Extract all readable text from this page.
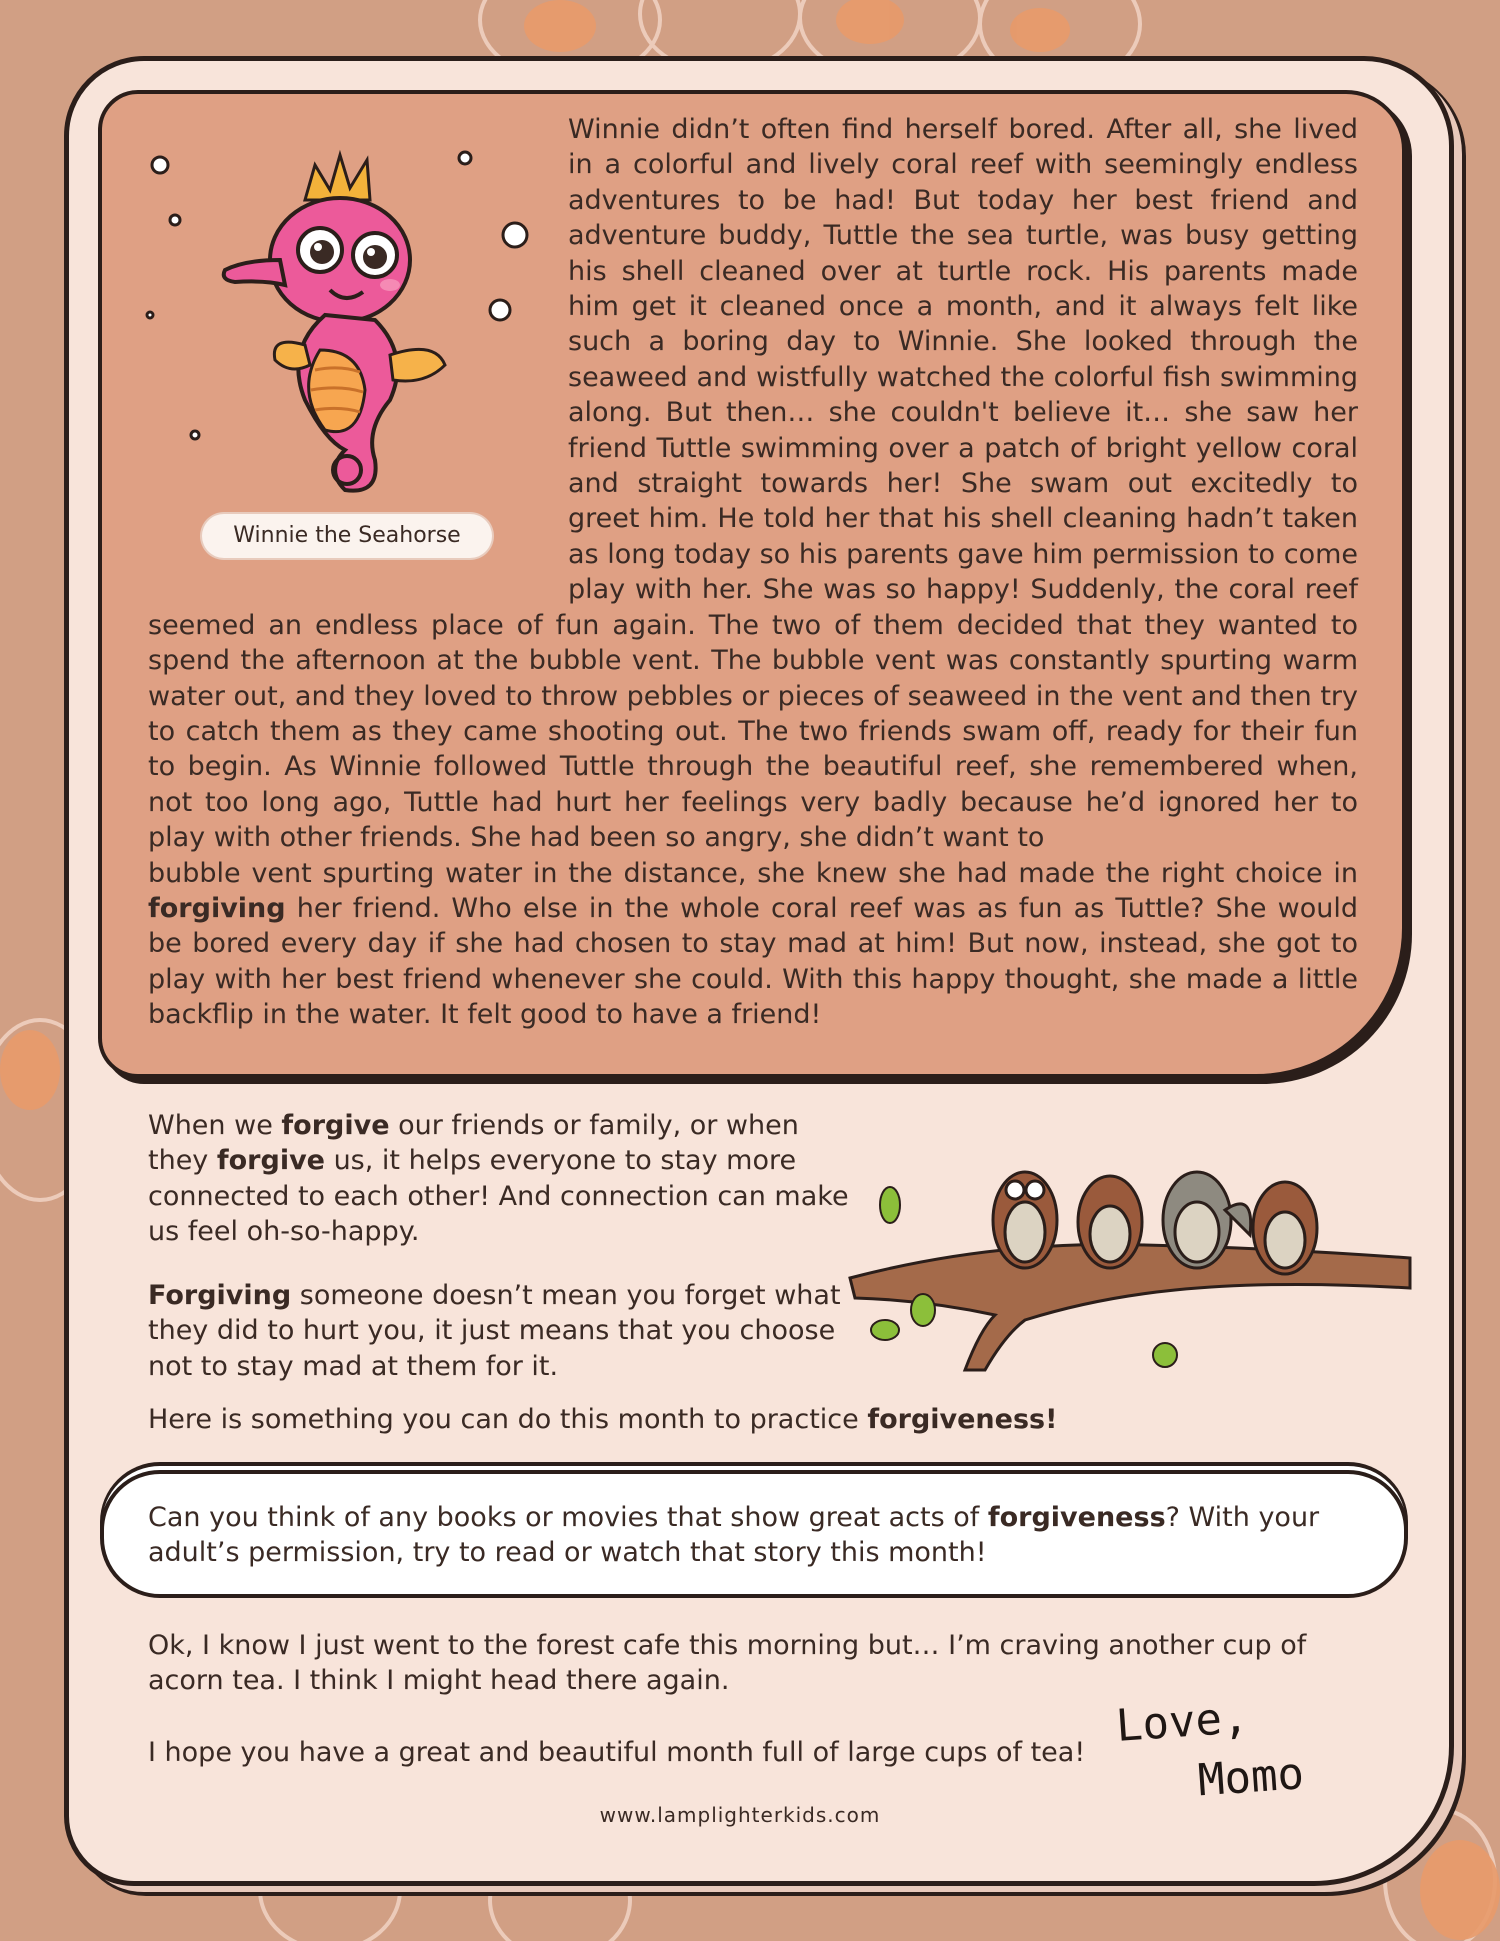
Winnie the Seahorse

Winnie didn’t often find herself bored. After all, she lived in a colorful and lively coral reef with seemingly endless adventures to be had! But today her best friend and adventure buddy, Tuttle the sea turtle, was busy getting his shell cleaned over at turtle rock. His parents made him get it cleaned once a month, and it always felt like such a boring day to Winnie. She looked through the seaweed and wistfully watched the colorful fish swimming along. But then… she couldn't believe it… she saw her friend Tuttle swimming over a patch of bright yellow coral and straight towards her! She swam out excitedly to greet him. He told her that his shell cleaning hadn’t taken as long today so his parents gave him permission to come play with her. She was so happy! Suddenly, the coral reef seemed an endless place of fun again. The two of them decided that they wanted to spend the afternoon at the bubble vent. The bubble vent was constantly spurting warm water out, and they loved to throw pebbles or pieces of seaweed in the vent and then try to catch them as they came shooting out. The two friends swam off, ready for their fun to begin. As Winnie followed Tuttle through the beautiful reef, she remembered when, not too long ago, Tuttle had hurt her feelings very badly because he’d ignored her to play with other friends. She had been so angry, she didn’t want to

bubble vent spurting water in the distance, she knew she had made the right choice in forgiving her friend. Who else in the whole coral reef was as fun as Tuttle? She would be bored every day if she had chosen to stay mad at him! But now, instead, she got to play with her best friend whenever she could. With this happy thought, she made a little backflip in the water. It felt good to have a friend!

When we forgive our friends or family, or when
they forgive us, it helps everyone to stay more
connected to each other! And connection can make
us feel oh-so-happy.

Forgiving someone doesn’t mean you forget what
they did to hurt you, it just means that you choose
not to stay mad at them for it.

Here is something you can do this month to practice forgiveness!

Can you think of any books or movies that show great acts of forgiveness? With your
adult’s permission, try to read or watch that story this month!

Ok, I know I just went to the forest cafe this morning but… I’m craving another cup of
acorn tea. I think I might head there again.

I hope you have a great and beautiful month full of large cups of tea!

Love,
Momo
www.lamplighterkids.com
